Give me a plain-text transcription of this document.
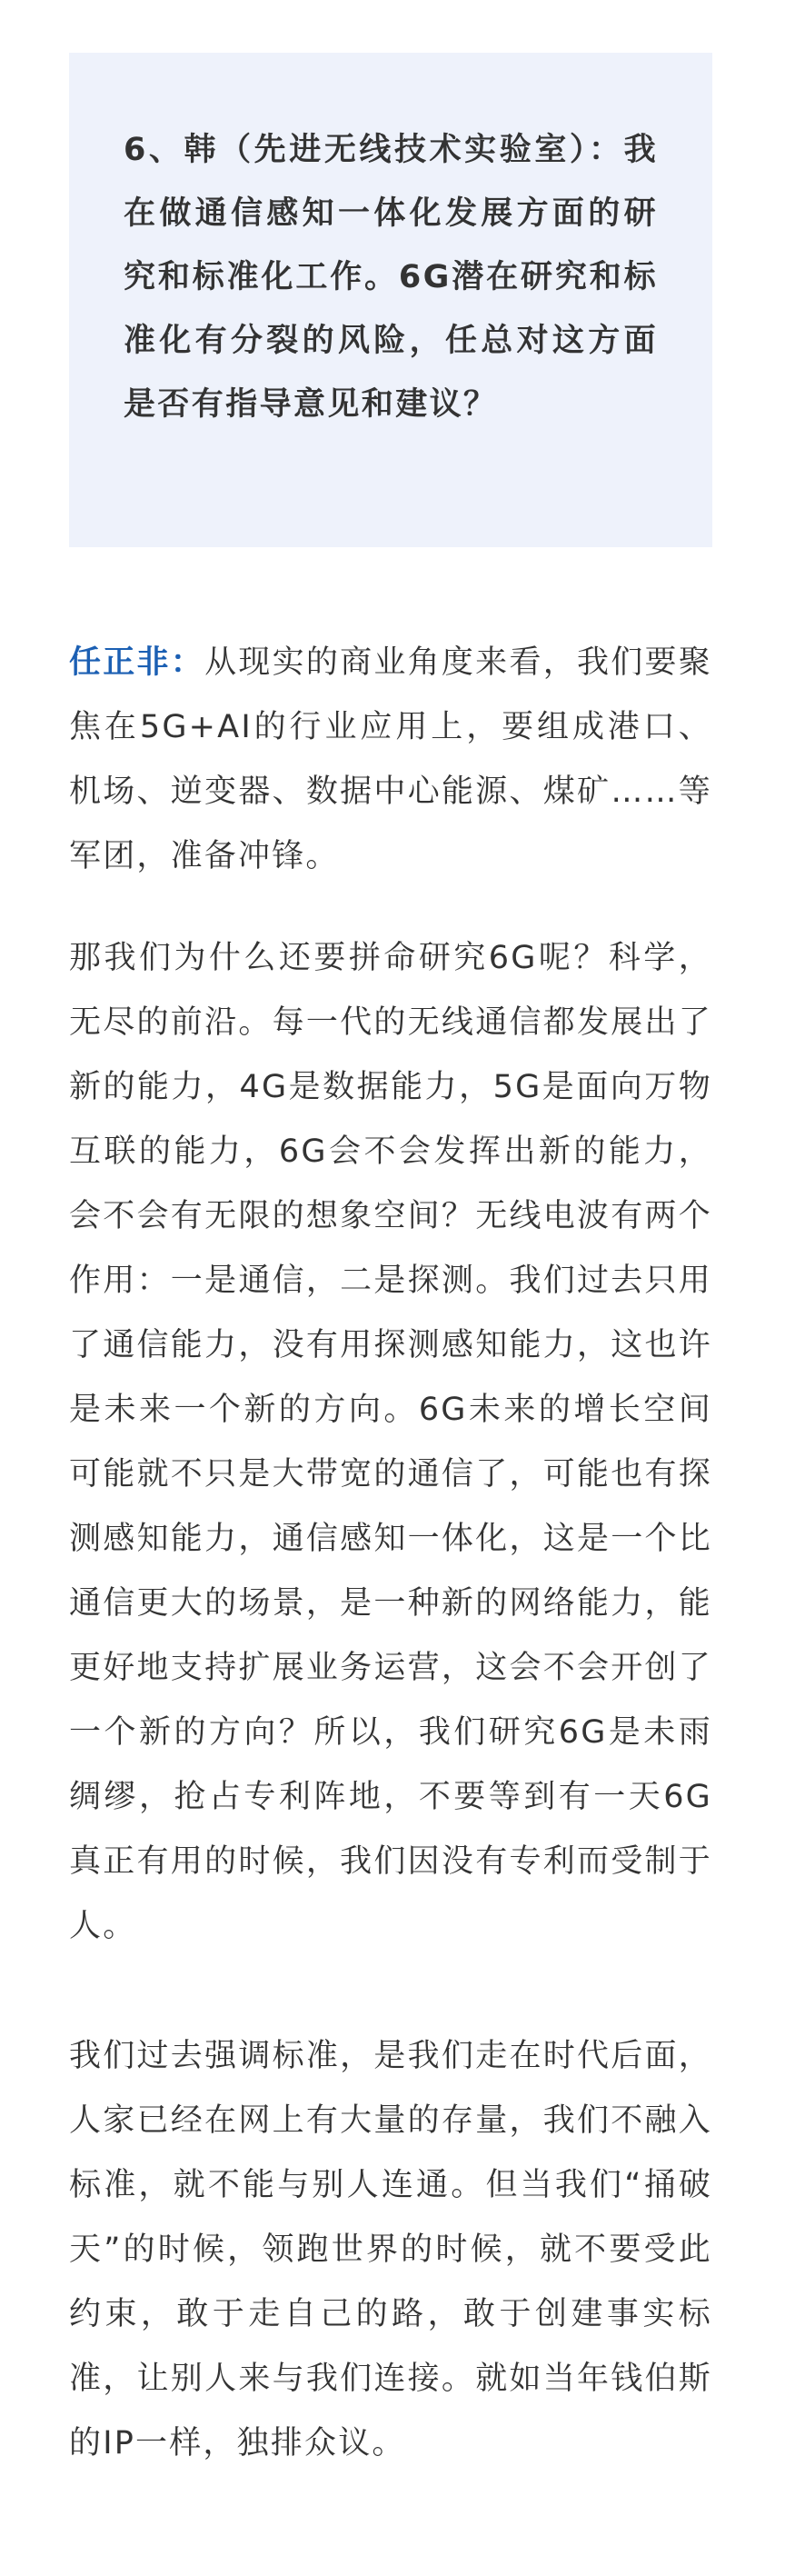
6、韩（先进无线技术实验室）：我在做通信感知一体化发展方面的研究和标准化工作。6G潜在研究和标准化有分裂的风险，任总对这方面是否有指导意见和建议？

任正非：从现实的商业角度来看，我们要聚焦在5G+AI的行业应用上，要组成港口、机场、逆变器、数据中心能源、煤矿……等军团，准备冲锋。

那我们为什么还要拼命研究6G呢？科学，无尽的前沿。每一代的无线通信都发展出了新的能力，4G是数据能力，5G是面向万物互联的能力，6G会不会发挥出新的能力，会不会有无限的想象空间？无线电波有两个作用：一是通信，二是探测。我们过去只用了通信能力，没有用探测感知能力，这也许是未来一个新的方向。6G未来的增长空间可能就不只是大带宽的通信了，可能也有探测感知能力，通信感知一体化，这是一个比通信更大的场景，是一种新的网络能力，能更好地支持扩展业务运营，这会不会开创了一个新的方向？所以，我们研究6G是未雨绸缪，抢占专利阵地，不要等到有一天6G真正有用的时候，我们因没有专利而受制于人。

我们过去强调标准，是我们走在时代后面，人家已经在网上有大量的存量，我们不融入标准，就不能与别人连通。但当我们“捅破天”的时候，领跑世界的时候，就不要受此约束，敢于走自己的路，敢于创建事实标准，让别人来与我们连接。就如当年钱伯斯的IP一样，独排众议。
